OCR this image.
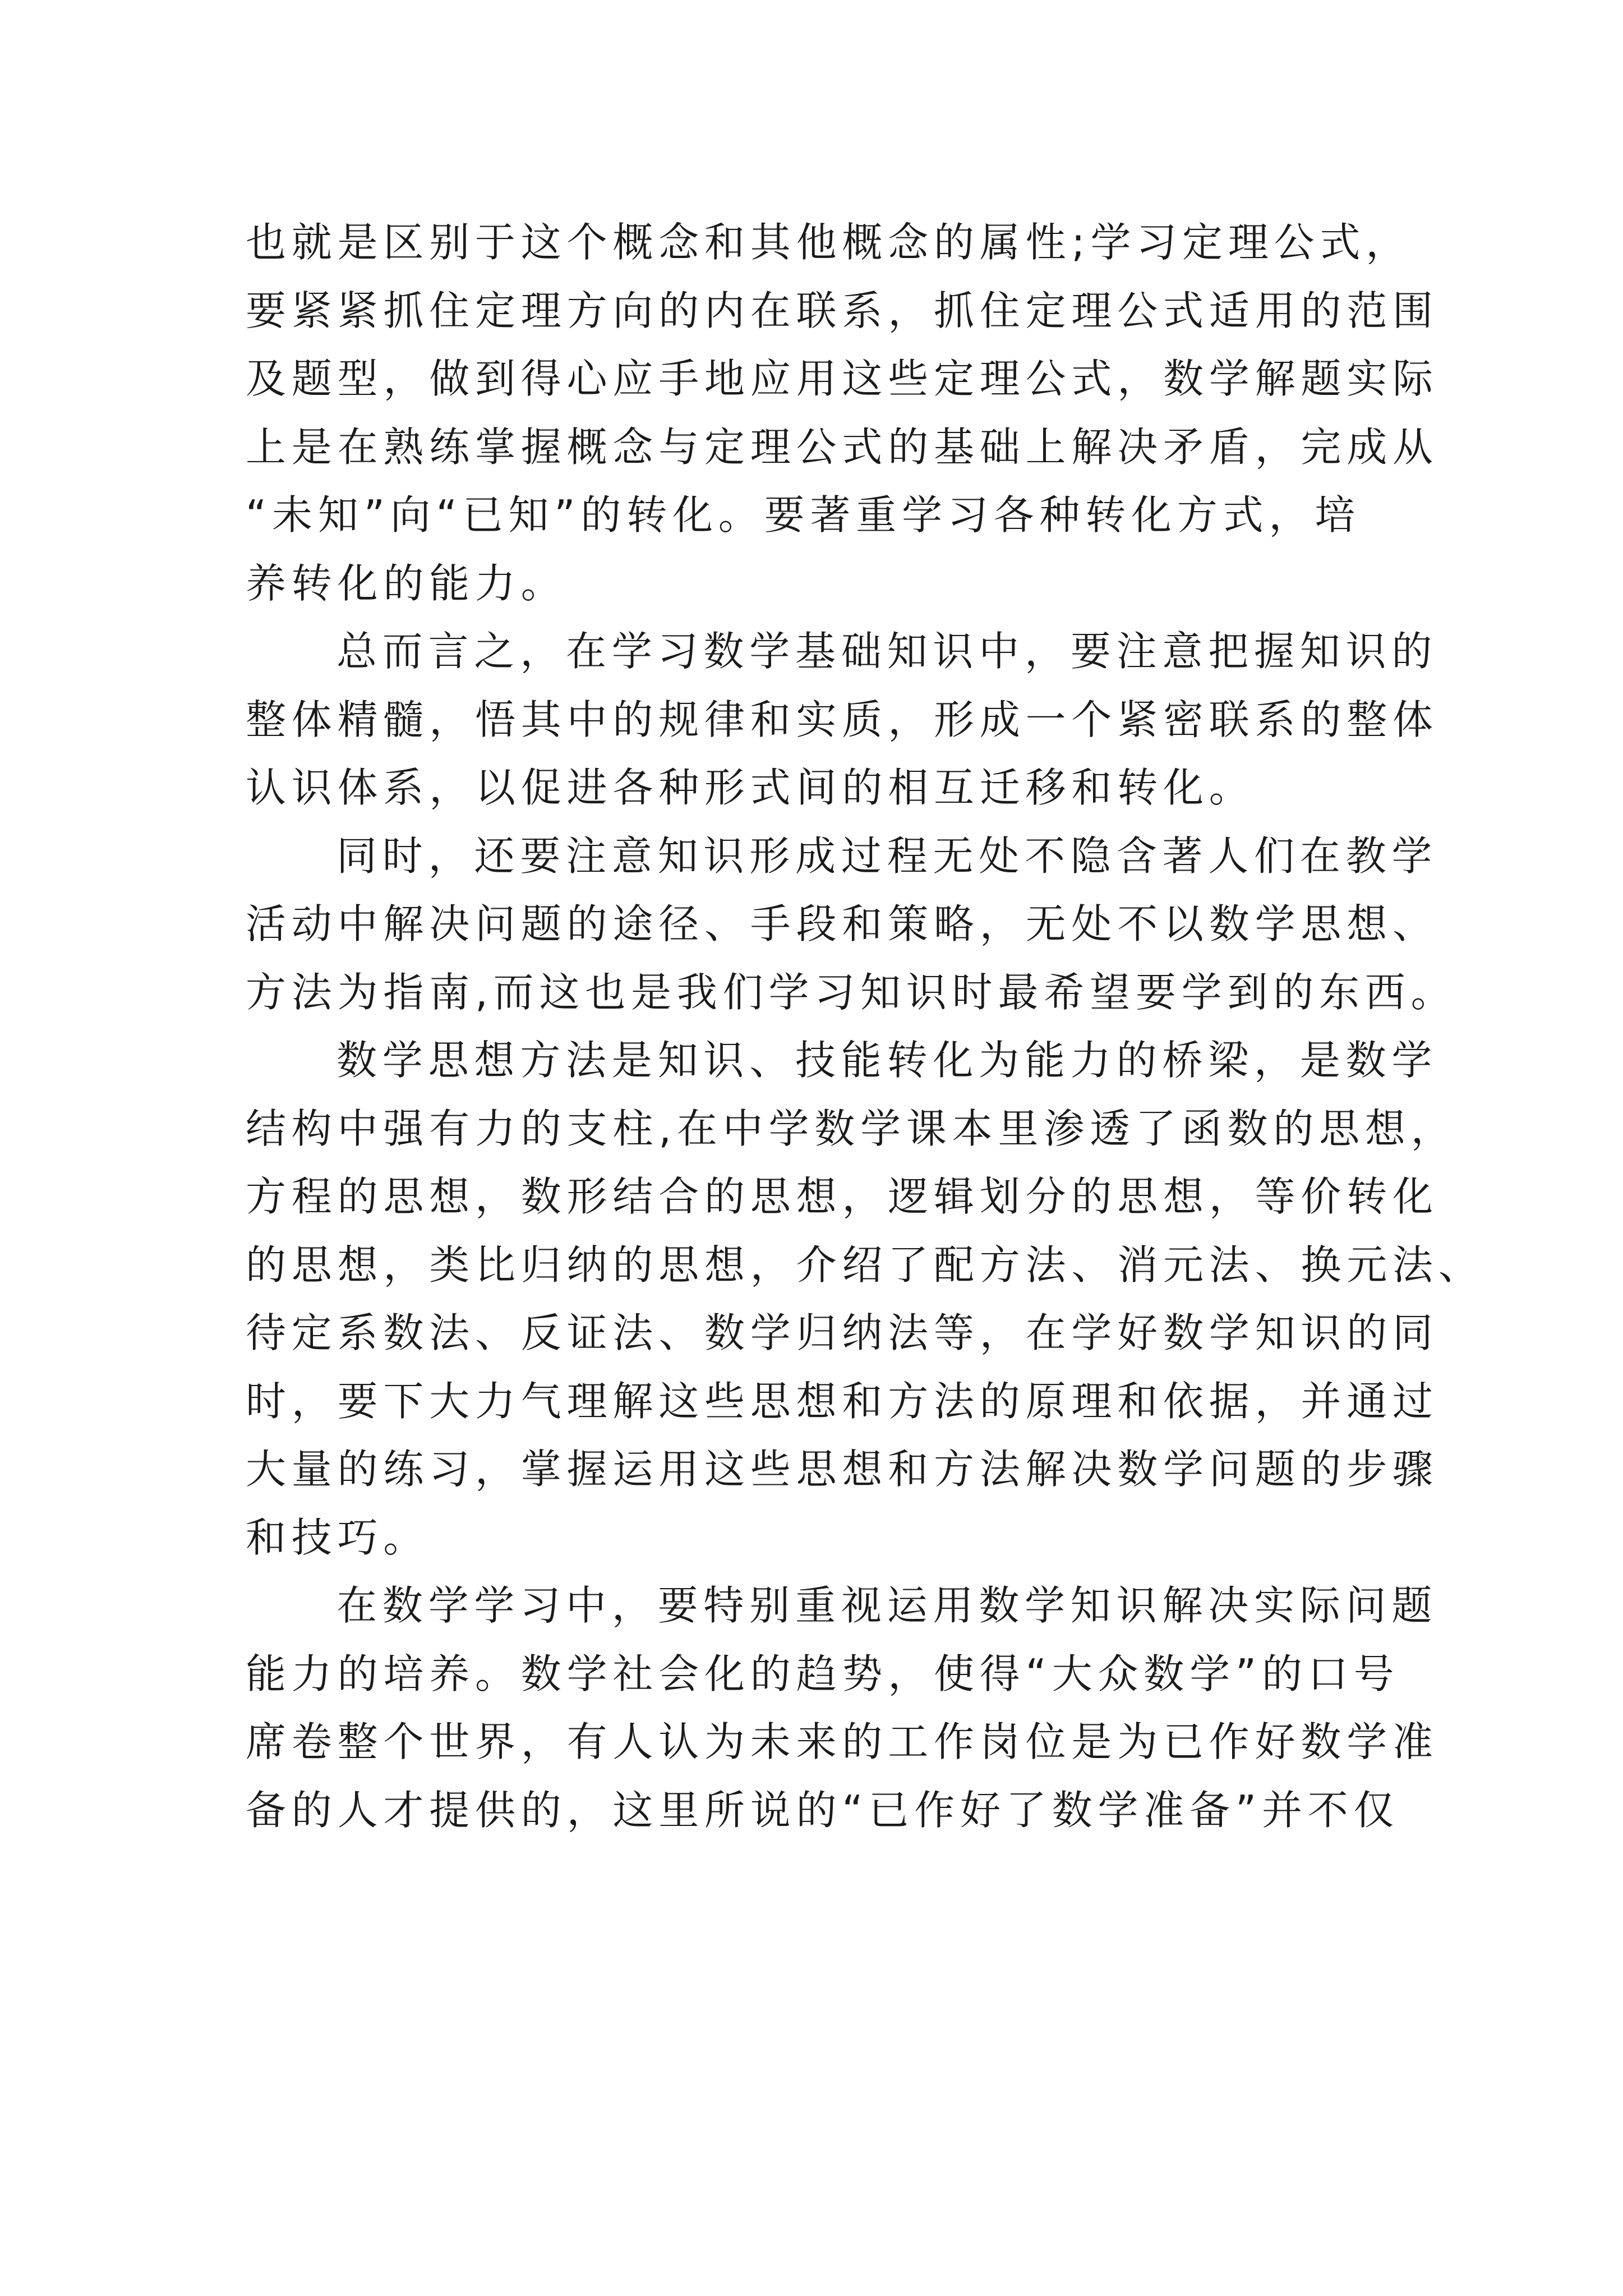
也就是区别于这个概念和其他概念的属性;学习定理公式，
要紧紧抓住定理方向的内在联系，抓住定理公式适用的范围
及题型，做到得心应手地应用这些定理公式，数学解题实际
上是在熟练掌握概念与定理公式的基础上解决矛盾，完成从
“未知”向“已知”的转化。要著重学习各种转化方式，培
养转化的能力。
总而言之，在学习数学基础知识中，要注意把握知识的
整体精髓，悟其中的规律和实质，形成一个紧密联系的整体
认识体系，以促进各种形式间的相互迁移和转化。
同时，还要注意知识形成过程无处不隐含著人们在教学
活动中解决问题的途径、手段和策略，无处不以数学思想、
方法为指南,而这也是我们学习知识时最希望要学到的东西。
数学思想方法是知识、技能转化为能力的桥梁，是数学
结构中强有力的支柱,在中学数学课本里渗透了函数的思想，
方程的思想，数形结合的思想，逻辑划分的思想，等价转化
的思想，类比归纳的思想，介绍了配方法、消元法、换元法、
待定系数法、反证法、数学归纳法等，在学好数学知识的同
时，要下大力气理解这些思想和方法的原理和依据，并通过
大量的练习，掌握运用这些思想和方法解决数学问题的步骤
和技巧。
在数学学习中，要特别重视运用数学知识解决实际问题
能力的培养。数学社会化的趋势，使得“大众数学”的口号
席卷整个世界，有人认为未来的工作岗位是为已作好数学准
备的人才提供的，这里所说的“已作好了数学准备”并不仅
